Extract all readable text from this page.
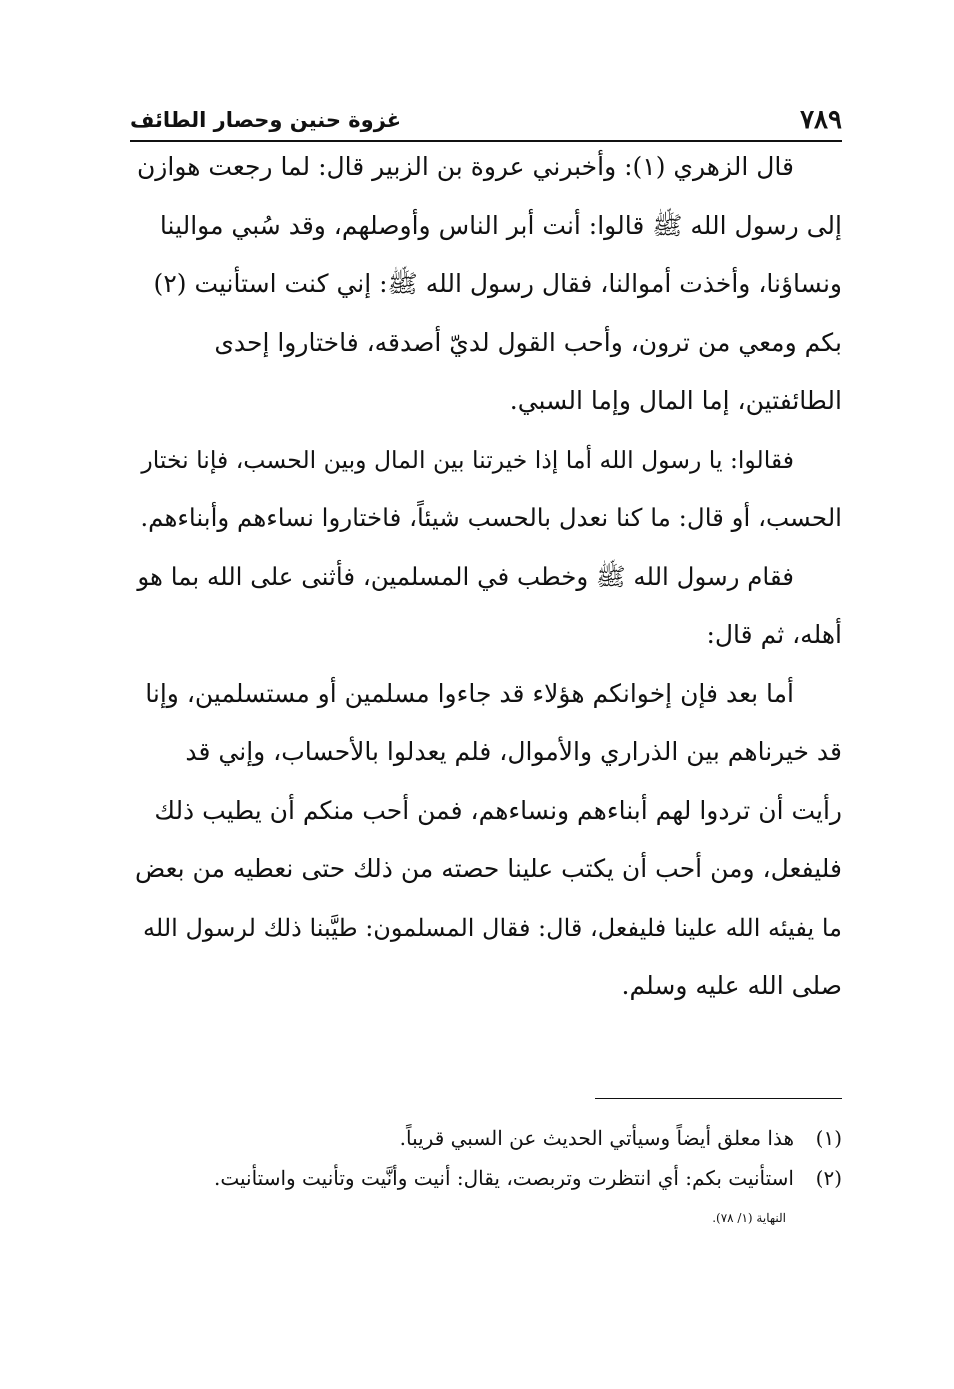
٧٨٩
غزوة حنين وحصار الطائف
قال الزهري (١): وأخبرني عروة بن الزبير قال: لما رجعت هوازن
إلى رسول الله ﷺ قالوا: أنت أبر الناس وأوصلهم، وقد سُبي موالينا
ونساؤنا، وأخذت أموالنا، فقال رسول الله ﷺ: إني كنت استأنيت (٢)
بكم ومعي من ترون، وأحب القول لديّ أصدقه، فاختاروا إحدى
الطائفتين، إما المال وإما السبي.
فقالوا: يا رسول الله أما إذا خيرتنا بين المال وبين الحسب، فإنا نختار
الحسب، أو قال: ما كنا نعدل بالحسب شيئاً، فاختاروا نساءهم وأبناءهم.
فقام رسول الله ﷺ وخطب في المسلمين، فأثنى على الله بما هو
أهله، ثم قال:
أما بعد فإن إخوانكم هؤلاء قد جاءوا مسلمين أو مستسلمين، وإنا
قد خيرناهم بين الذراري والأموال، فلم يعدلوا بالأحساب، وإني قد
رأيت أن تردوا لهم أبناءهم ونساءهم، فمن أحب منكم أن يطيب ذلك
فليفعل، ومن أحب أن يكتب علينا حصته من ذلك حتى نعطيه من بعض
ما يفيئه الله علينا فليفعل، قال: فقال المسلمون: طيَّبنا ذلك لرسول الله
صلى الله عليه وسلم.
(١)هذا معلق أيضاً وسيأتي الحديث عن السبي قريباً.
(٢)استأنيت بكم: أي انتظرت وتربصت، يقال: أنيت وأنَّيت وتأنيت واستأنيت.
النهاية (١/ ٧٨).
